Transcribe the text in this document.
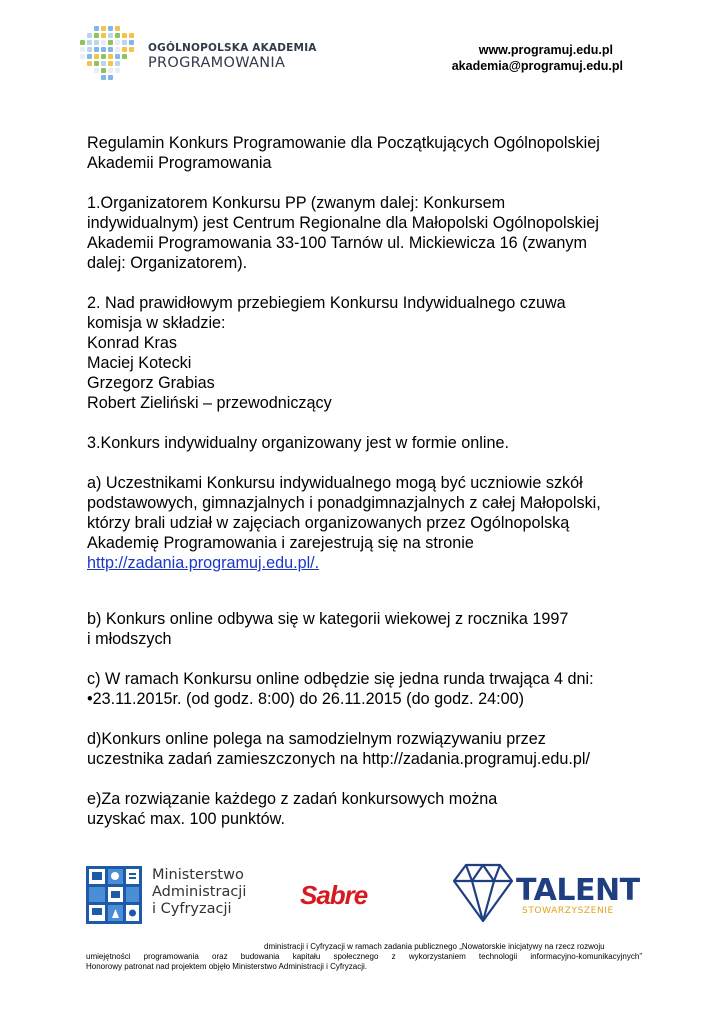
OGÓLNOPOLSKA AKADEMIA
PROGRAMOWANIA
www.programuj.edu.pl
akademia@programuj.edu.pl

Regulamin Konkurs Programowanie dla Początkujących Ogólnopolskiej

Akademii Programowania

1.Organizatorem Konkursu PP (zwanym dalej: Konkursem

indywidualnym) jest Centrum Regionalne dla Małopolski Ogólnopolskiej

Akademii Programowania 33-100 Tarnów ul. Mickiewicza 16 (zwanym

dalej: Organizatorem).

2. Nad prawidłowym przebiegiem Konkursu Indywidualnego czuwa

komisja w składzie:

Konrad Kras

Maciej Kotecki

Grzegorz Grabias

Robert Zieliński – przewodniczący

3.Konkurs indywidualny organizowany jest w formie online.

a) Uczestnikami Konkursu indywidualnego mogą być uczniowie szkół

podstawowych, gimnazjalnych i ponadgimnazjalnych z całej Małopolski,

którzy brali udział w zajęciach organizowanych przez Ogólnopolską

Akademię Programowania i zarejestrują się na stronie

http://zadania.programuj.edu.pl/.

b) Konkurs online odbywa się w kategorii wiekowej z rocznika 1997

i młodszych

c) W ramach Konkursu online odbędzie się jedna runda trwająca 4 dni:

•23.11.2015r. (od godz. 8:00) do 26.11.2015 (do godz. 24:00)

d)Konkurs online polega na samodzielnym rozwiązywaniu przez

uczestnika zadań zamieszczonych na http://zadania.programuj.edu.pl/

e)Za rozwiązanie każdego z zadań konkursowych można

uzyskać max. 100 punktów.

Ministerstwo
Administracji
i Cyfryzacji	Sabre	TALENT
STOWARZYSZENIE
dministracji i Cyfryzacji w ramach zadania publicznego „Nowatorskie inicjatywy na rzecz rozwoju
umiejętności programowania oraz budowania kapitału społecznego z wykorzystaniem technologii informacyjno-komunikacyjnych”
Honorowy patronat nad projektem objęło Ministerstwo Administracji i Cyfryzacji.
